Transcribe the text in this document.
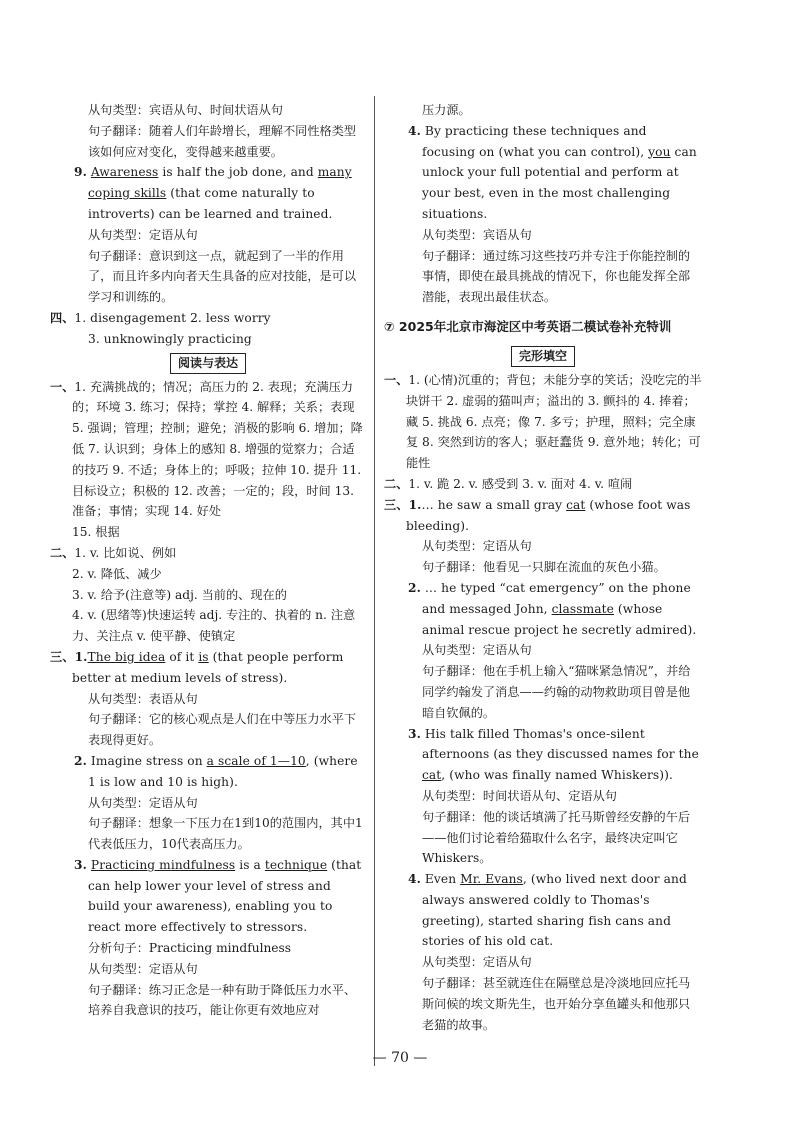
从句类型：宾语从句、时间状语从句

句子翻译：随着人们年龄增长，理解不同性格类型该如何应对变化，变得越来越重要。

9. Awareness is half the job done, and many coping skills (that come naturally to introverts) can be learned and trained.

从句类型：定语从句

句子翻译：意识到这一点，就起到了一半的作用了，而且许多内向者天生具备的应对技能，是可以学习和训练的。

四、1. disengagement 2. less worry

3. unknowingly practicing

阅读与表达

一、1. 充满挑战的；情况；高压力的 2. 表现；充满压力的；环境 3. 练习；保持；掌控 4. 解释；关系；表现 5. 强调；管理；控制；避免；消极的影响 6. 增加；降低 7. 认识到；身体上的感知 8. 增强的觉察力；合适的技巧 9. 不适；身体上的；呼吸；拉伸 10. 提升 11. 目标设立；积极的 12. 改善；一定的；段，时间 13. 准备；事情；实现 14. 好处

15. 根据

二、1. v. 比如说、例如

2. v. 降低、减少

3. v. 给予(注意等) adj. 当前的、现在的

4. v. (思绪等)快速运转 adj. 专注的、执着的 n. 注意力、关注点 v. 使平静、使镇定

三、1.The big idea of it is (that people perform better at medium levels of stress).

从句类型：表语从句

句子翻译：它的核心观点是人们在中等压力水平下表现得更好。

2. Imagine stress on a scale of 1—10, (where 1 is low and 10 is high).

从句类型：定语从句

句子翻译：想象一下压力在1到10的范围内，其中1代表低压力，10代表高压力。

3. Practicing mindfulness is a technique (that can help lower your level of stress and build your awareness), enabling you to react more effectively to stressors.

分析句子：Practicing mindfulness

从句类型：定语从句

句子翻译：练习正念是一种有助于降低压力水平、培养自我意识的技巧，能让你更有效地应对

压力源。

4. By practicing these techniques and focusing on (what you can control), you can unlock your full potential and perform at your best, even in the most challenging situations.

从句类型：宾语从句

句子翻译：通过练习这些技巧并专注于你能控制的事情，即使在最具挑战的情况下，你也能发挥全部潜能，表现出最佳状态。

⑦ 2025年北京市海淀区中考英语二模试卷补充特训

完形填空

一、1. (心情)沉重的；背包；未能分享的笑话；没吃完的半块饼干 2. 虚弱的猫叫声；溢出的 3. 颤抖的 4. 捧着；藏 5. 挑战 6. 点亮；像 7. 多亏；护理，照料；完全康复 8. 突然到访的客人；驱赶蠢货 9. 意外地；转化；可能性

二、1. v. 跪 2. v. 感受到 3. v. 面对 4. v. 喧闹

三、1.… he saw a small gray cat (whose foot was bleeding).

从句类型：定语从句

句子翻译：他看见一只脚在流血的灰色小猫。

2. … he typed “cat emergency” on the phone and messaged John, classmate (whose animal rescue project he secretly admired).

从句类型：定语从句

句子翻译：他在手机上输入“猫咪紧急情况”，并给同学约翰发了消息——约翰的动物救助项目曾是他暗自钦佩的。

3. His talk filled Thomas's once-silent afternoons (as they discussed names for the cat, (who was finally named Whiskers)).

从句类型：时间状语从句、定语从句

句子翻译：他的谈话填满了托马斯曾经安静的午后——他们讨论着给猫取什么名字，最终决定叫它Whiskers。

4. Even Mr. Evans, (who lived next door and always answered coldly to Thomas's greeting), started sharing fish cans and stories of his old cat.

从句类型：定语从句

句子翻译：甚至就连住在隔壁总是冷淡地回应托马斯问候的埃文斯先生，也开始分享鱼罐头和他那只老猫的故事。

— 70 —
